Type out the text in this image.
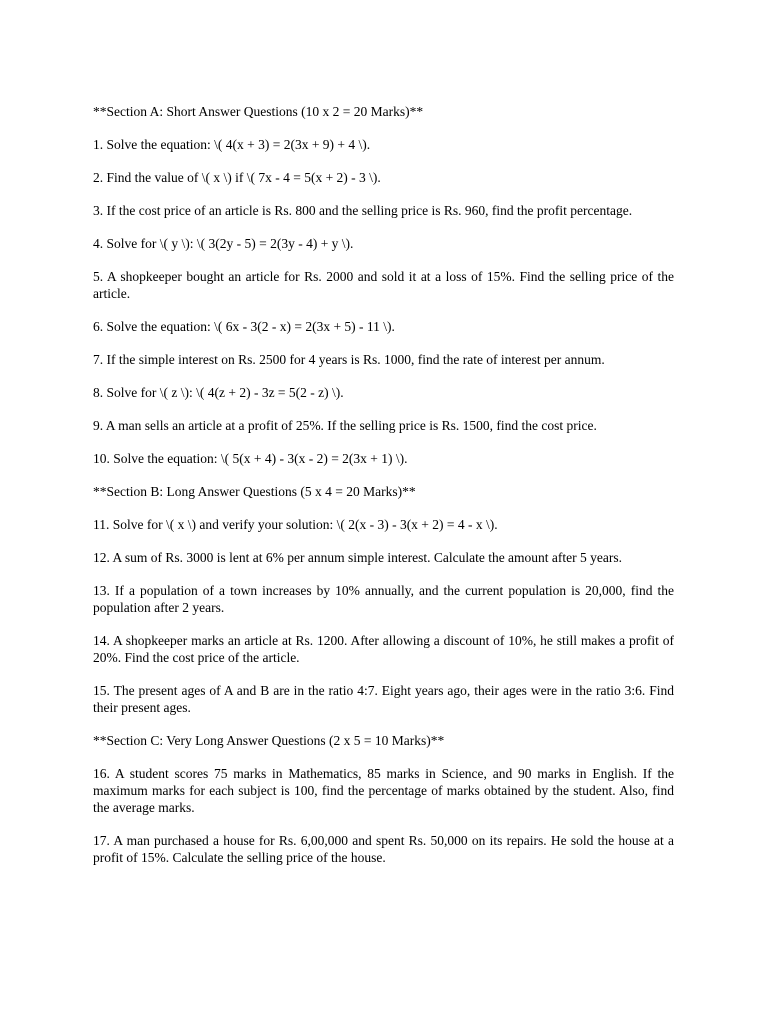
**Section A: Short Answer Questions (10 x 2 = 20 Marks)**

1. Solve the equation: \( 4(x + 3) = 2(3x + 9) + 4 \).

2. Find the value of \( x \) if \( 7x - 4 = 5(x + 2) - 3 \).

3. If the cost price of an article is Rs. 800 and the selling price is Rs. 960, find the profit percentage.

4. Solve for \( y \): \( 3(2y - 5) = 2(3y - 4) + y \).

5. A shopkeeper bought an article for Rs. 2000 and sold it at a loss of 15%. Find the selling price of the article.

6. Solve the equation: \( 6x - 3(2 - x) = 2(3x + 5) - 11 \).

7. If the simple interest on Rs. 2500 for 4 years is Rs. 1000, find the rate of interest per annum.

8. Solve for \( z \): \( 4(z + 2) - 3z = 5(2 - z) \).

9. A man sells an article at a profit of 25%. If the selling price is Rs. 1500, find the cost price.

10. Solve the equation: \( 5(x + 4) - 3(x - 2) = 2(3x + 1) \).

**Section B: Long Answer Questions (5 x 4 = 20 Marks)**

11. Solve for \( x \) and verify your solution: \( 2(x - 3) - 3(x + 2) = 4 - x \).

12. A sum of Rs. 3000 is lent at 6% per annum simple interest. Calculate the amount after 5 years.

13. If a population of a town increases by 10% annually, and the current population is 20,000, find the population after 2 years.

14. A shopkeeper marks an article at Rs. 1200. After allowing a discount of 10%, he still makes a profit of 20%. Find the cost price of the article.

15. The present ages of A and B are in the ratio 4:7. Eight years ago, their ages were in the ratio 3:6. Find their present ages.

**Section C: Very Long Answer Questions (2 x 5 = 10 Marks)**

16. A student scores 75 marks in Mathematics, 85 marks in Science, and 90 marks in English. If the maximum marks for each subject is 100, find the percentage of marks obtained by the student. Also, find the average marks.

17. A man purchased a house for Rs. 6,00,000 and spent Rs. 50,000 on its repairs. He sold the house at a profit of 15%. Calculate the selling price of the house.
